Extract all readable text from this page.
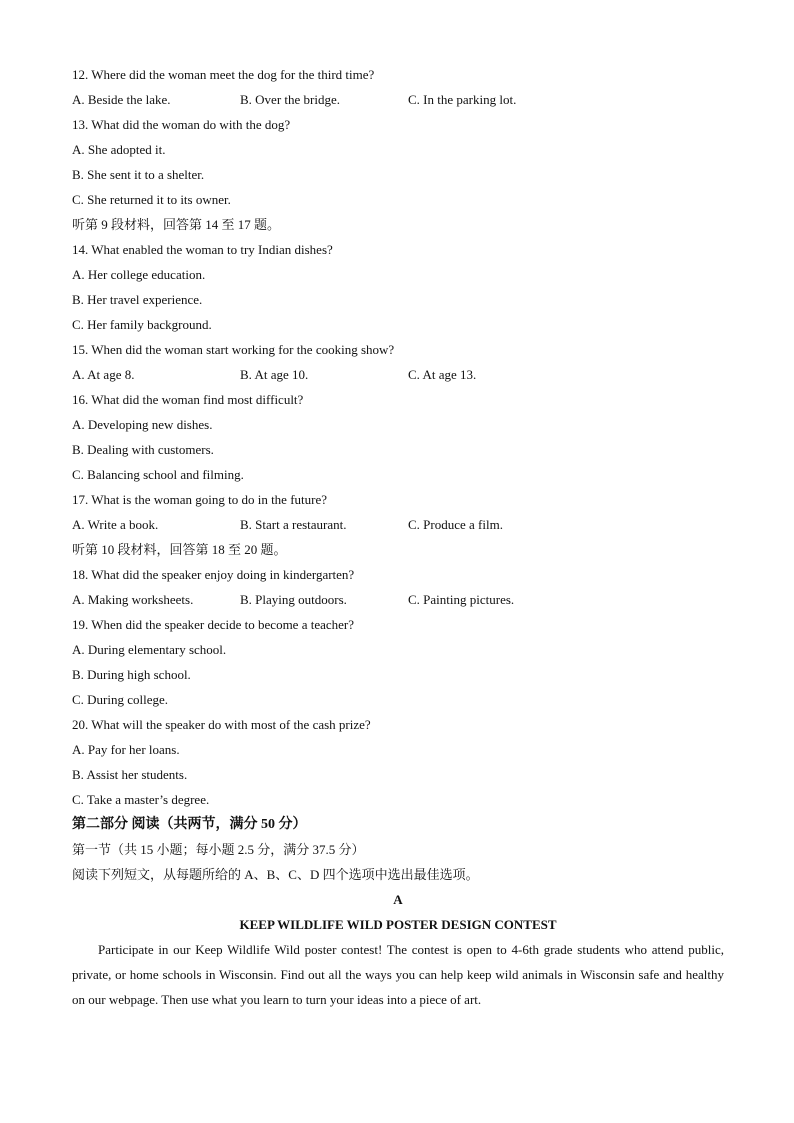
12. Where did the woman meet the dog for the third time?
A. Beside the lake.	B. Over the bridge.	C. In the parking lot.
13. What did the woman do with the dog?
A. She adopted it.
B. She sent it to a shelter.
C. She returned it to its owner.
听第 9 段材料，回答第 14 至 17 题。
14. What enabled the woman to try Indian dishes?
A. Her college education.
B. Her travel experience.
C. Her family background.
15. When did the woman start working for the cooking show?
A. At age 8.	B. At age 10.	C. At age 13.
16. What did the woman find most difficult?
A. Developing new dishes.
B. Dealing with customers.
C. Balancing school and filming.
17. What is the woman going to do in the future?
A. Write a book.	B. Start a restaurant.	C. Produce a film.
听第 10 段材料，回答第 18 至 20 题。
18. What did the speaker enjoy doing in kindergarten?
A. Making worksheets.	B. Playing outdoors.	C. Painting pictures.
19. When did the speaker decide to become a teacher?
A. During elementary school.
B. During high school.
C. During college.
20. What will the speaker do with most of the cash prize?
A. Pay for her loans.
B. Assist her students.
C. Take a master’s degree.
第二部分 阅读（共两节，满分 50 分）
第一节（共 15 小题；每小题 2.5 分，满分 37.5 分）
阅读下列短文，从每题所给的 A、B、C、D 四个选项中选出最佳选项。
A
KEEP WILDLIFE WILD POSTER DESIGN CONTEST

Participate in our Keep Wildlife Wild poster contest! The contest is open to 4-6th grade students who attend public, private, or home schools in Wisconsin. Find out all the ways you can help keep wild animals in Wisconsin safe and healthy on our webpage. Then use what you learn to turn your ideas into a piece of art.
